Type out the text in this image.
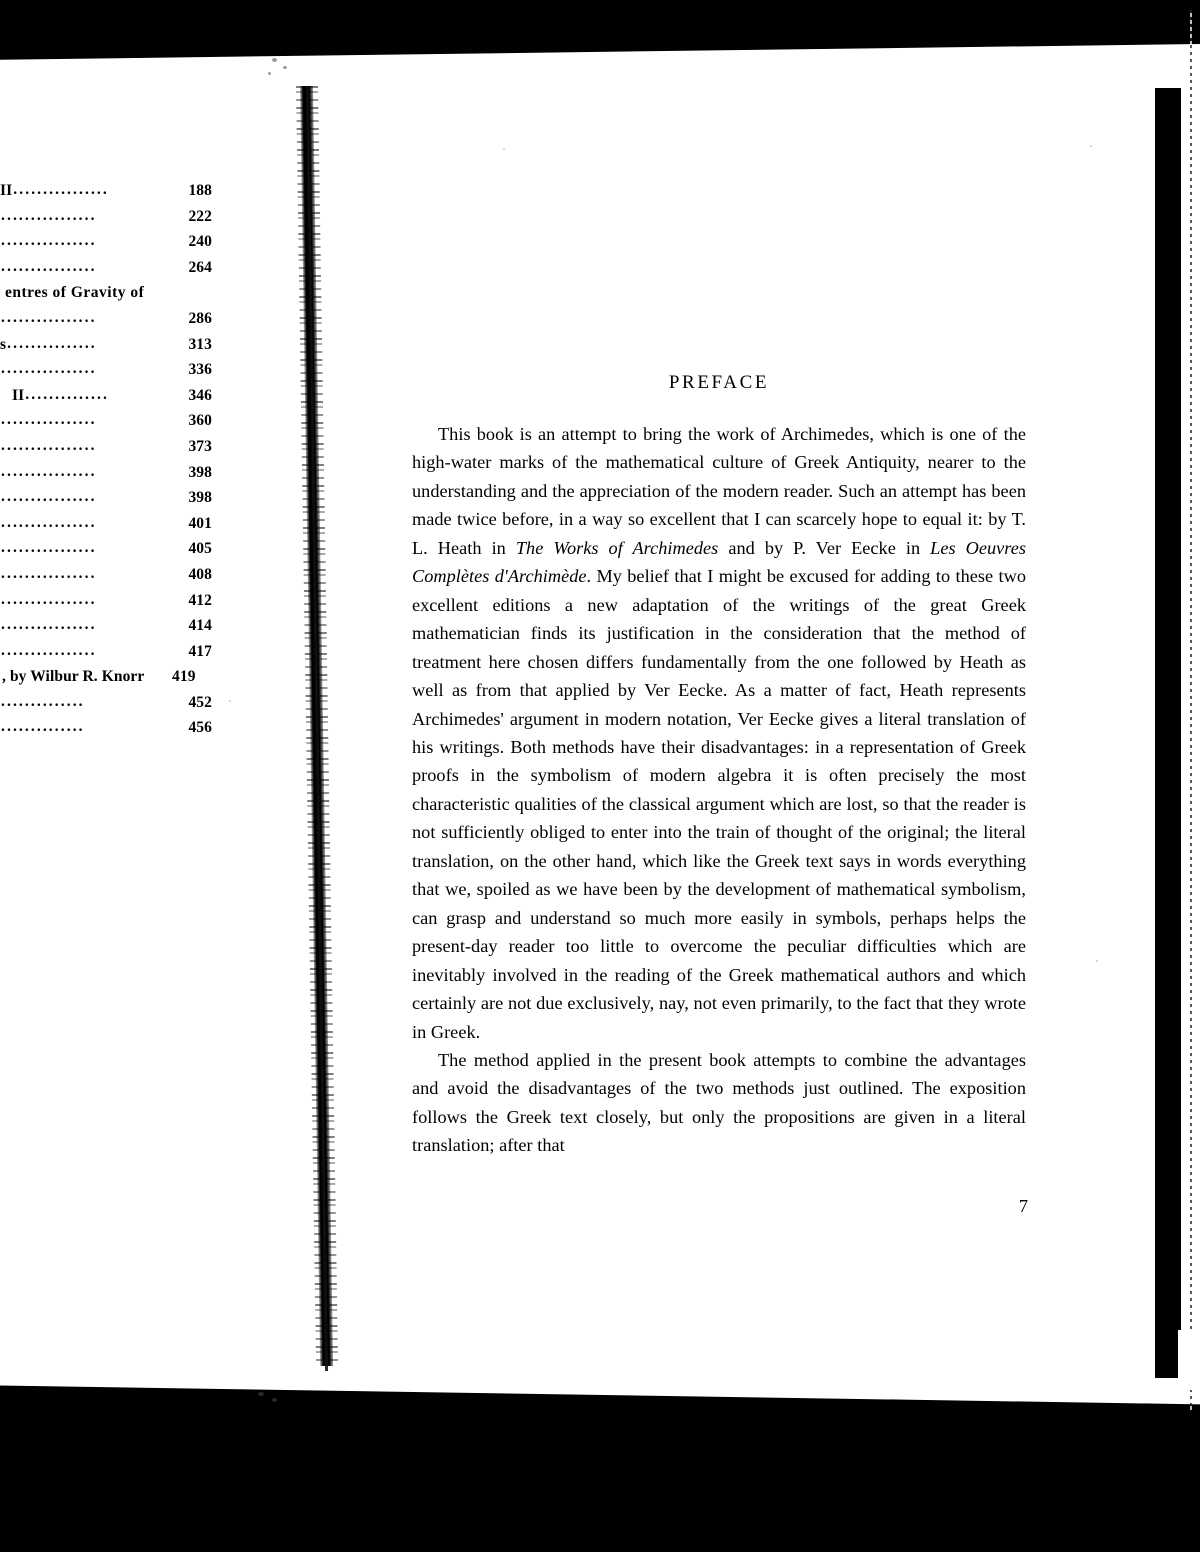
II ................	188
................	222
................	240
................	264
entres of Gravity of
................	286
s ...............	313
................	336
II ..............	346
................	360
................	373
................	398
................	398
................	401
................	405
................	408
................	412
................	414
................	417
, by Wilbur R. Knorr 419
..............	452
..............	456
PREFACE

This book is an attempt to bring the work of Archimedes, which is one of the high-water marks of the mathematical culture of Greek Antiquity, nearer to the understanding and the appreciation of the modern reader. Such an attempt has been made twice before, in a way so excellent that I can scarcely hope to equal it: by T. L. Heath in The Works of Archimedes and by P. Ver Eecke in Les Oeuvres Complètes d'Archimède. My belief that I might be excused for adding to these two excellent editions a new adaptation of the writings of the great Greek mathematician finds its justification in the consideration that the method of treatment here chosen differs fundamentally from the one followed by Heath as well as from that applied by Ver Eecke. As a matter of fact, Heath represents Archimedes' argument in modern notation, Ver Eecke gives a literal translation of his writings. Both methods have their disadvantages: in a representation of Greek proofs in the symbolism of modern algebra it is often precisely the most characteristic qualities of the classical argument which are lost, so that the reader is not sufficiently obliged to enter into the train of thought of the original; the literal translation, on the other hand, which like the Greek text says in words everything that we, spoiled as we have been by the development of mathematical symbolism, can grasp and understand so much more easily in symbols, perhaps helps the present-day reader too little to overcome the peculiar difficulties which are inevitably involved in the reading of the Greek mathematical authors and which certainly are not due exclusively, nay, not even primarily, to the fact that they wrote in Greek.

The method applied in the present book attempts to combine the advantages and avoid the disadvantages of the two methods just outlined. The exposition follows the Greek text closely, but only the propositions are given in a literal translation; after that

7
